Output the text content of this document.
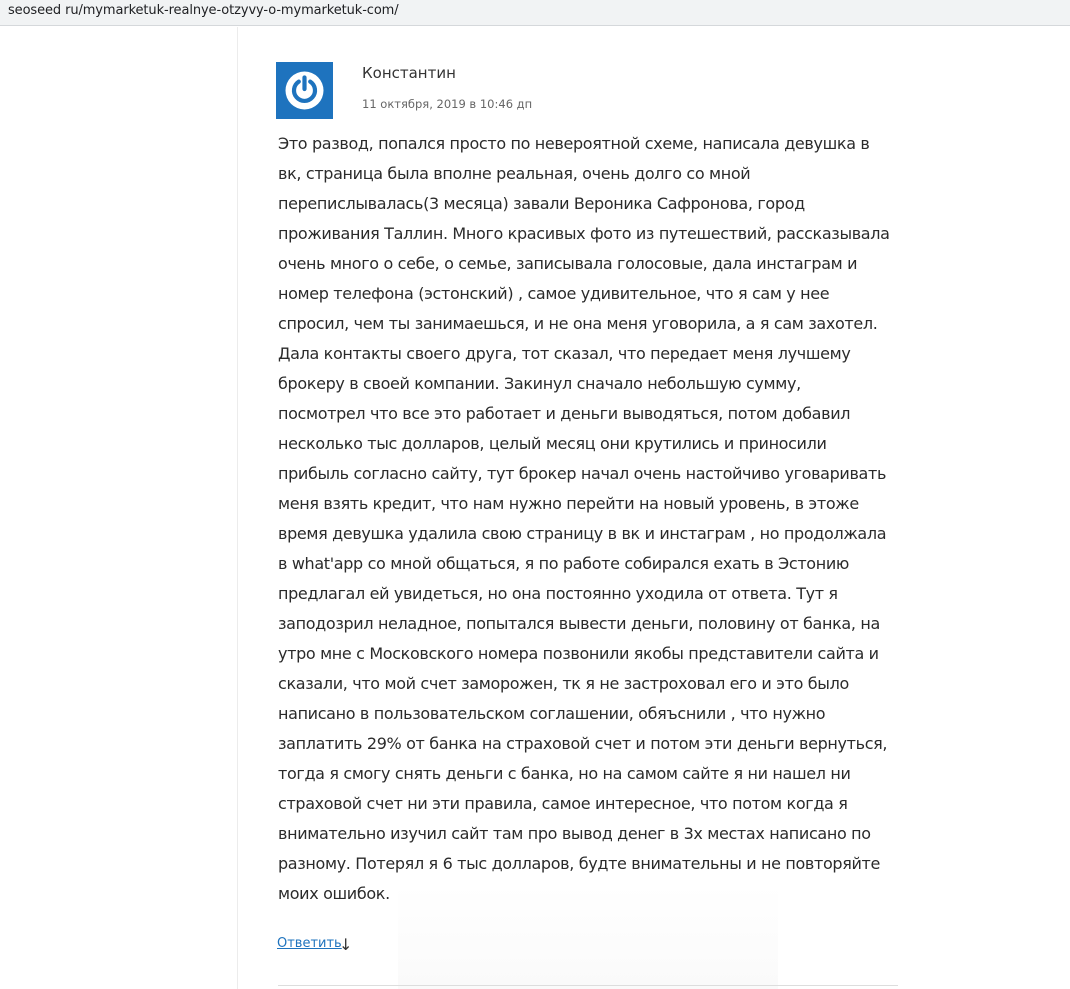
seoseed ru/mymarketuk-realnye-otzyvy-o-mymarketuk-com/
Константин
11 октября, 2019 в 10:46 дп
Это развод, попался просто по невероятной схеме, написала девушка в
вк, страница была вполне реальная, очень долго со мной
перепислывалась(3 месяца) завали Вероника Сафронова, город
проживания Таллин. Много красивых фото из путешествий, рассказывала
очень много о себе, о семье, записывала голосовые, дала инстаграм и
номер телефона (эстонский) , самое удивительное, что я сам у нее
спросил, чем ты занимаешься, и не она меня уговорила, а я сам захотел.
Дала контакты своего друга, тот сказал, что передает меня лучшему
брокеру в своей компании. Закинул сначало небольшую сумму,
посмотрел что все это работает и деньги выводяться, потом добавил
несколько тыс долларов, целый месяц они крутились и приносили
прибыль согласно сайту, тут брокер начал очень настойчиво уговаривать
меня взять кредит, что нам нужно перейти на новый уровень, в этоже
время девушка удалила свою страницу в вк и инстаграм , но продолжала
в what'app со мной общаться, я по работе собирался ехать в Эстонию
предлагал ей увидеться, но она постоянно уходила от ответа. Тут я
заподозрил неладное, попытался вывести деньги, половину от банка, на
утро мне с Московского номера позвонили якобы представители сайта и
сказали, что мой счет заморожен, тк я не застроховал его и это было
написано в пользовательском соглашении, обяъснили , что нужно
заплатить 29% от банка на страховой счет и потом эти деньги вернуться,
тогда я смогу снять деньги с банка, но на самом сайте я ни нашел ни
страховой счет ни эти правила, самое интересное, что потом когда я
внимательно изучил сайт там про вывод денег в 3х местах написано по
разному. Потерял я 6 тыс долларов, будте внимательны и не повторяйте
моих ошибок.
Ответить
↓
